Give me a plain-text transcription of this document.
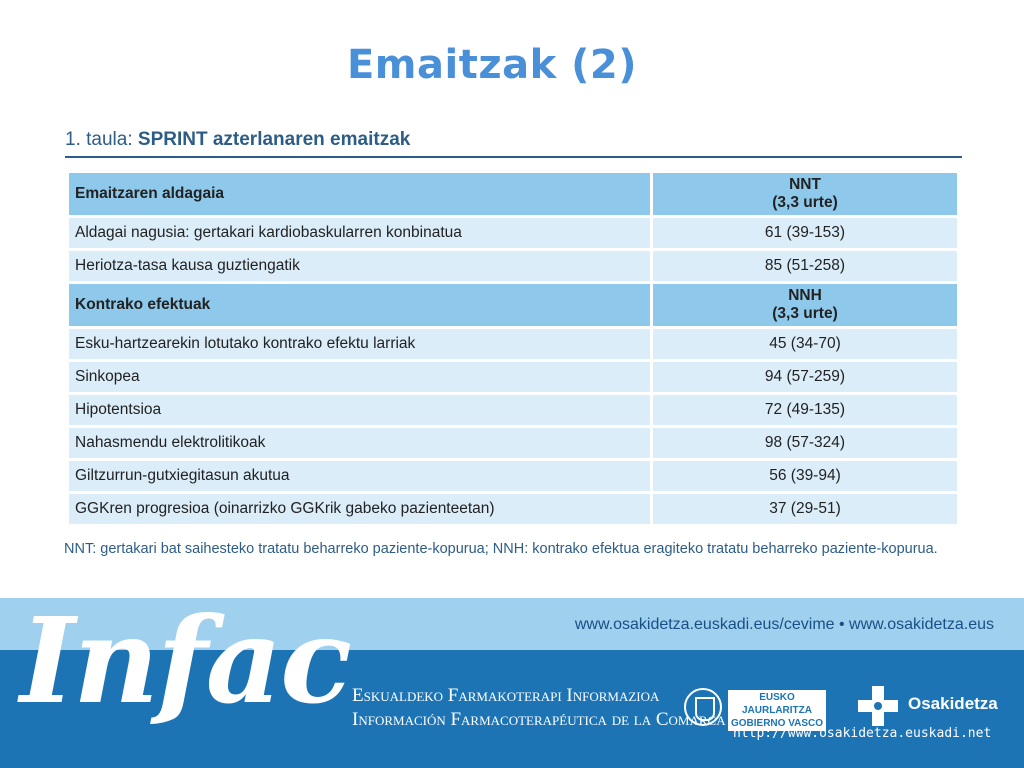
Emaitzak (2)
1. taula: SPRINT azterlanaren emaitzak
Emaitzaren aldagaia	NNT
(3,3 urte)

Aldagai nagusia: gertakari kardiobaskularren konbinatua	61 (39-153)
Heriotza-tasa kausa guztiengatik	85 (51-258)
Kontrako efektuak	NNH
(3,3 urte)

Esku-hartzearekin lotutako kontrako efektu larriak	45 (34-70)
Sinkopea	94 (57-259)
Hipotentsioa	72 (49-135)
Nahasmendu elektrolitikoak	98 (57-324)
Giltzurrun-gutxiegitasun akutua	56 (39-94)
GGKren progresioa (oinarrizko GGKrik gabeko pazienteetan)	37 (29-51)
NNT: gertakari bat saihesteko tratatu beharreko paziente-kopurua; NNH: kontrako efektua eragiteko tratatu beharreko paziente-kopurua.
www.osakidetza.euskadi.eus/cevime • www.osakidetza.eus
Infac Eskualdeko Farmakoterapi Informazioa
Información Farmacoterapéutica de la Comarca
EUSKO JAURLARITZA GOBIERNO VASCO
Osakidetza
http://www.osakidetza.euskadi.net
